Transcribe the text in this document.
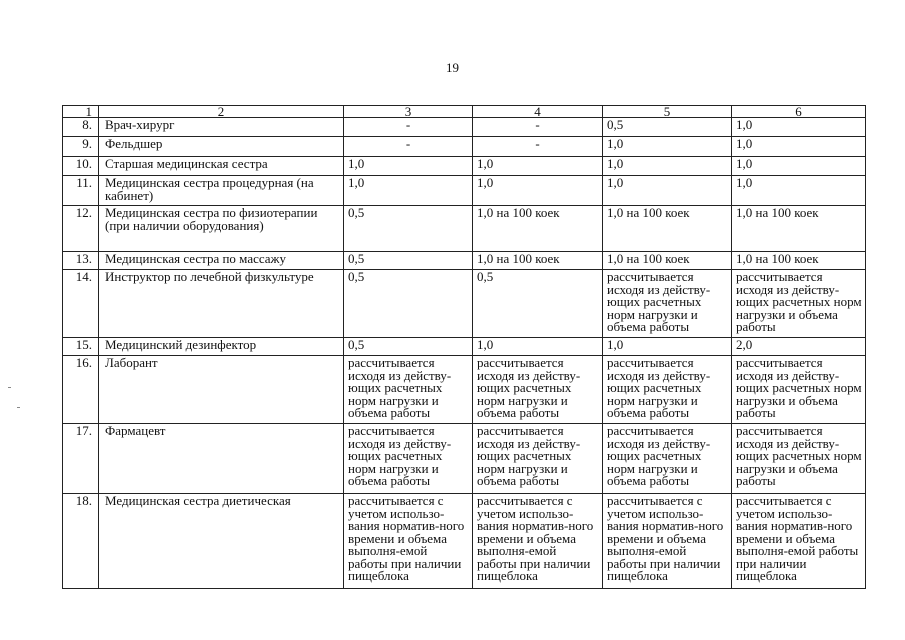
19
1	2	3	4	5	6
8.	Врач-хирург	-	-	0,5	1,0
9.	Фельдшер	-	-	1,0	1,0
10.	Старшая медицинская сестра	1,0	1,0	1,0	1,0
11.	Медицинская сестра процедурная (на кабинет)	1,0	1,0	1,0	1,0
12.	Медицинская сестра по физиотерапии (при наличии оборудования)	0,5	1,0 на 100 коек	1,0 на 100 коек	1,0 на 100 коек
13.	Медицинская сестра по массажу	0,5	1,0 на 100 коек	1,0 на 100 коек	1,0 на 100 коек
14.	Инструктор по лечебной физкультуре	0,5	0,5	рассчитывается исходя из действу-ющих расчетных норм нагрузки и объема работы	рассчитывается исходя из действу-ющих расчетных норм нагрузки и объема работы
15.	Медицинский дезинфектор	0,5	1,0	1,0	2,0
16.	Лаборант	рассчитывается исходя из действу-ющих расчетных норм нагрузки и объема работы	рассчитывается исходя из действу-ющих расчетных норм нагрузки и объема работы	рассчитывается исходя из действу-ющих расчетных норм нагрузки и объема работы	рассчитывается исходя из действу-ющих расчетных норм нагрузки и объема работы
17.	Фармацевт	рассчитывается исходя из действу-ющих расчетных норм нагрузки и объема работы	рассчитывается исходя из действу-ющих расчетных норм нагрузки и объема работы	рассчитывается исходя из действу-ющих расчетных норм нагрузки и объема работы	рассчитывается исходя из действу-ющих расчетных норм нагрузки и объема работы
18.	Медицинская сестра диетическая	рассчитывается с учетом использо-вания норматив-ного времени и объема выполня-емой работы при наличии пищеблока	рассчитывается с учетом использо-вания норматив-ного времени и объема выполня-емой работы при наличии пищеблока	рассчитывается с учетом использо-вания норматив-ного времени и объема выполня-емой работы при наличии пищеблока	рассчитывается с учетом использо-вания норматив-ного времени и объема выполня-емой работы при наличии пищеблока
